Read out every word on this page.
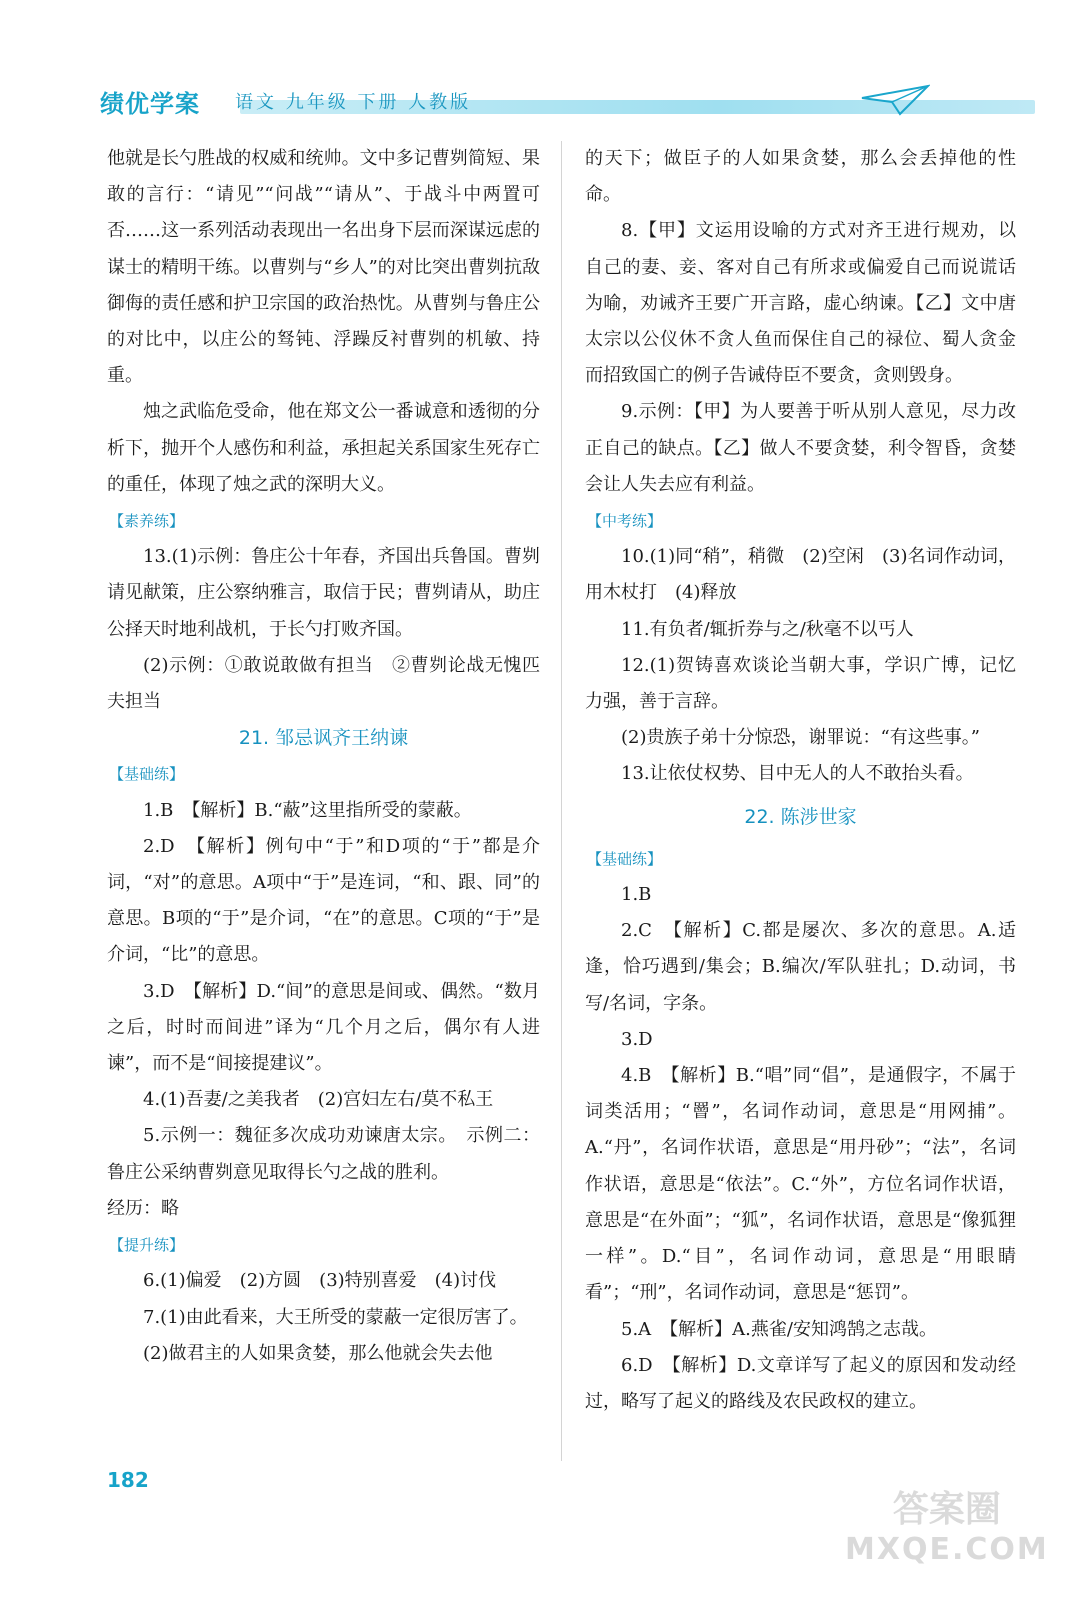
绩优学案 语文 九年级 下册 人教版

他就是长勺胜战的权威和统帅。文中多记曹刿简短、果敢的言行：“请见”“问战”“请从”、于战斗中两置可否……这一系列活动表现出一名出身下层而深谋远虑的谋士的精明干练。以曹刿与“乡人”的对比突出曹刿抗敌御侮的责任感和护卫宗国的政治热忱。从曹刿与鲁庄公的对比中，以庄公的驽钝、浮躁反衬曹刿的机敏、持重。

烛之武临危受命，他在郑文公一番诚意和透彻的分析下，抛开个人感伤和利益，承担起关系国家生死存亡的重任，体现了烛之武的深明大义。

【素养练】

13.(1)示例：鲁庄公十年春，齐国出兵鲁国。曹刿请见献策，庄公察纳雅言，取信于民；曹刿请从，助庄公择天时地利战机，于长勺打败齐国。

(2)示例：①敢说敢做有担当　②曹刿论战无愧匹夫担当

21. 邹忌讽齐王纳谏

【基础练】

1.B　【解析】B.“蔽”这里指所受的蒙蔽。

2.D　【解析】例句中“于”和D项的“于”都是介词，“对”的意思。A项中“于”是连词，“和、跟、同”的意思。B项的“于”是介词，“在”的意思。C项的“于”是介词，“比”的意思。

3.D　【解析】D.“间”的意思是间或、偶然。“数月之后，时时而间进”译为“几个月之后，偶尔有人进谏”，而不是“间接提建议”。

4.(1)吾妻/之美我者　(2)宫妇左右/莫不私王

5.示例一：魏征多次成功劝谏唐太宗。　示例二：鲁庄公采纳曹刿意见取得长勺之战的胜利。

经历：略

【提升练】

6.(1)偏爱　(2)方圆　(3)特别喜爱　(4)讨伐

7.(1)由此看来，大王所受的蒙蔽一定很厉害了。

(2)做君主的人如果贪婪，那么他就会失去他

的天下；做臣子的人如果贪婪，那么会丢掉他的性命。

8.【甲】文运用设喻的方式对齐王进行规劝，以自己的妻、妾、客对自己有所求或偏爱自己而说谎话为喻，劝诫齐王要广开言路，虚心纳谏。【乙】文中唐太宗以公仪休不贪人鱼而保住自己的禄位、蜀人贪金而招致国亡的例子告诫侍臣不要贪，贪则毁身。

9.示例：【甲】为人要善于听从别人意见，尽力改正自己的缺点。【乙】做人不要贪婪，利令智昏，贪婪会让人失去应有利益。

【中考练】

10.(1)同“稍”，稍微　(2)空闲　(3)名词作动词，用木杖打　(4)释放

11.有负者/辄折券与之/秋毫不以丐人

12.(1)贺铸喜欢谈论当朝大事，学识广博，记忆力强，善于言辞。

(2)贵族子弟十分惊恐，谢罪说：“有这些事。”

13.让依仗权势、目中无人的人不敢抬头看。

22. 陈涉世家

【基础练】

1.B

2.C　【解析】C.都是屡次、多次的意思。A.适逢，恰巧遇到/集会；B.编次/军队驻扎；D.动词，书写/名词，字条。

3.D

4.B　【解析】B.“唱”同“倡”，是通假字，不属于词类活用；“罾”，名词作动词，意思是“用网捕”。A.“丹”，名词作状语，意思是“用丹砂”；“法”，名词作状语，意思是“依法”。C.“外”，方位名词作状语，意思是“在外面”；“狐”，名词作状语，意思是“像狐狸一样”。D.“目”，名词作动词，意思是“用眼睛看”；“刑”，名词作动词，意思是“惩罚”。

5.A　【解析】A.燕雀/安知鸿鹄之志哉。

6.D　【解析】D.文章详写了起义的原因和发动经过，略写了起义的路线及农民政权的建立。

182
答案圈
MXQE.COM
